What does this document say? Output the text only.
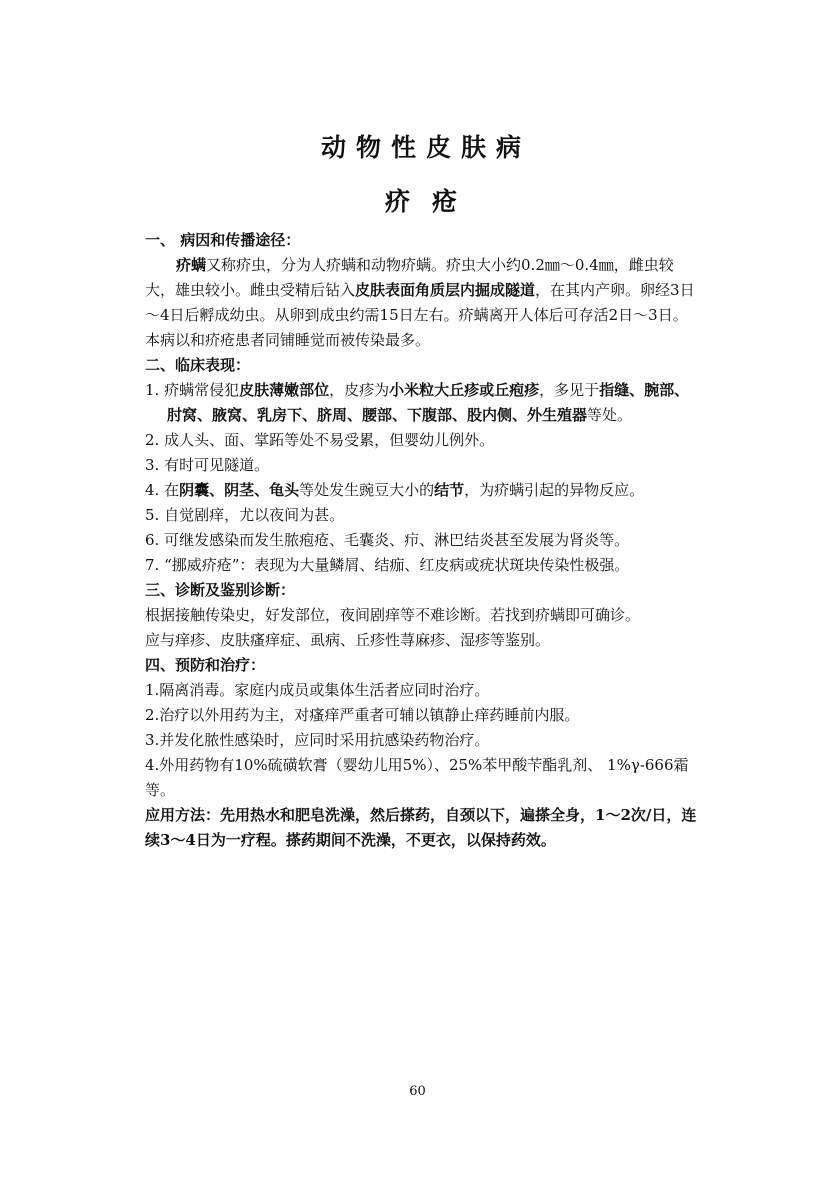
动物性皮肤病
疥疮

一、 病因和传播途径：

疥螨又称疥虫，分为人疥螨和动物疥螨。疥虫大小约0.2㎜～0.4㎜，雌虫较大，雄虫较小。雌虫受精后钻入皮肤表面角质层内掘成隧道，在其内产卵。卵经3日～4日后孵成幼虫。从卵到成虫约需15日左右。疥螨离开人体后可存活2日～3日。本病以和疥疮患者同铺睡觉而被传染最多。

二、临床表现：

1. 疥螨常侵犯皮肤薄嫩部位，皮疹为小米粒大丘疹或丘疱疹，多见于指缝、腕部、肘窝、腋窝、乳房下、脐周、腰部、下腹部、股内侧、外生殖器等处。

2. 成人头、面、掌跖等处不易受累，但婴幼儿例外。

3. 有时可见隧道。

4. 在阴囊、阴茎、龟头等处发生豌豆大小的结节，为疥螨引起的异物反应。

5. 自觉剧痒，尤以夜间为甚。

6. 可继发感染而发生脓疱疮、毛囊炎、疖、淋巴结炎甚至发展为肾炎等。

7. “挪威疥疮”：表现为大量鳞屑、结痂、红皮病或疣状斑块传染性极强。

三、诊断及鉴别诊断：

根据接触传染史，好发部位，夜间剧痒等不难诊断。若找到疥螨即可确诊。

应与痒疹、皮肤瘙痒症、虱病、丘疹性荨麻疹、湿疹等鉴别。

四、预防和治疗：

1.隔离消毒。家庭内成员或集体生活者应同时治疗。

2.治疗以外用药为主，对瘙痒严重者可辅以镇静止痒药睡前内服。

3.并发化脓性感染时，应同时采用抗感染药物治疗。

4.外用药物有10%硫磺软膏（婴幼儿用5%）、25%苯甲酸苄酯乳剂、 1%γ-666霜等。

应用方法：先用热水和肥皂洗澡，然后搽药，自颈以下，遍搽全身，1～2次/日，连续3～4日为一疗程。搽药期间不洗澡，不更衣，以保持药效。

60
